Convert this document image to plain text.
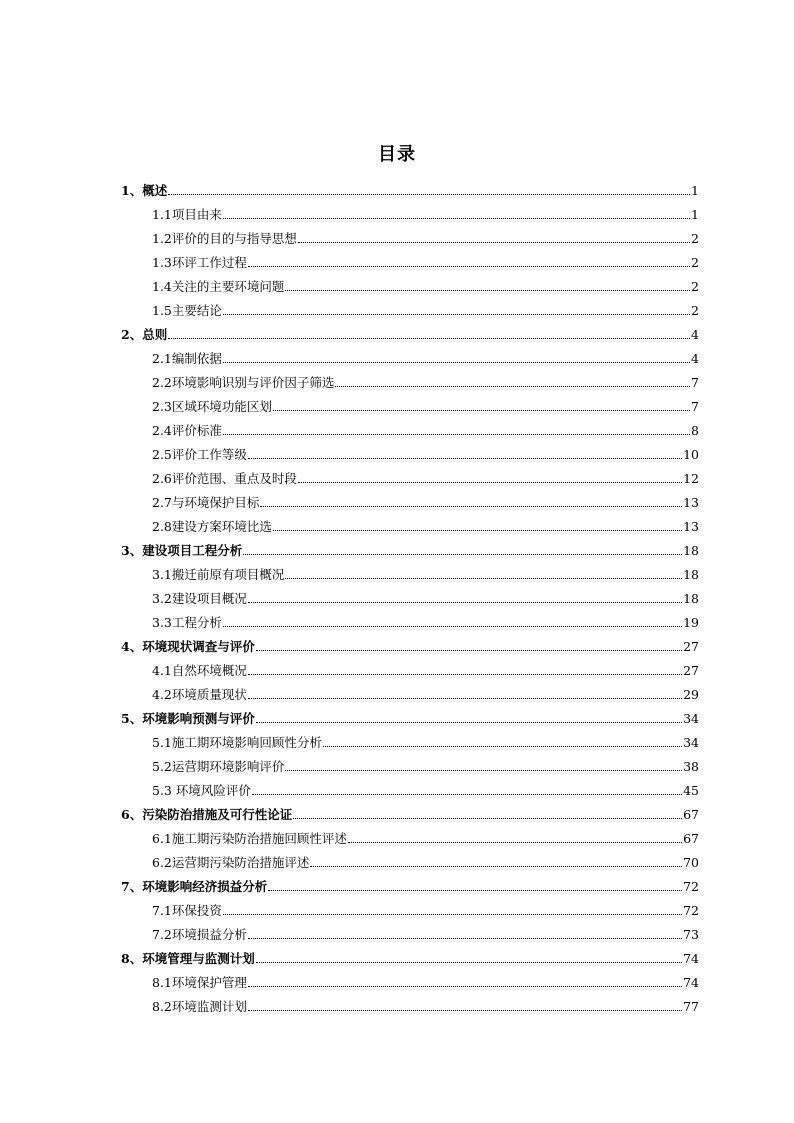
目录
1、概述	1
1.1项目由来	1
1.2评价的目的与指导思想	2
1.3环评工作过程	2
1.4关注的主要环境问题	2
1.5主要结论	2
2、总则	4
2.1编制依据	4
2.2环境影响识别与评价因子筛选	7
2.3区域环境功能区划	7
2.4评价标准	8
2.5评价工作等级	10
2.6评价范围、重点及时段	12
2.7与环境保护目标	13
2.8建设方案环境比选	13
3、建设项目工程分析	18
3.1搬迁前原有项目概况	18
3.2建设项目概况	18
3.3工程分析	19
4、环境现状调查与评价	27
4.1自然环境概况	27
4.2环境质量现状	29
5、环境影响预测与评价	34
5.1施工期环境影响回顾性分析	34
5.2运营期环境影响评价	38
5.3 环境风险评价	45
6、污染防治措施及可行性论证	67
6.1施工期污染防治措施回顾性评述	67
6.2运营期污染防治措施评述	70
7、环境影响经济损益分析	72
7.1环保投资	72
7.2环境损益分析	73
8、环境管理与监测计划	74
8.1环境保护管理	74
8.2环境监测计划	77
